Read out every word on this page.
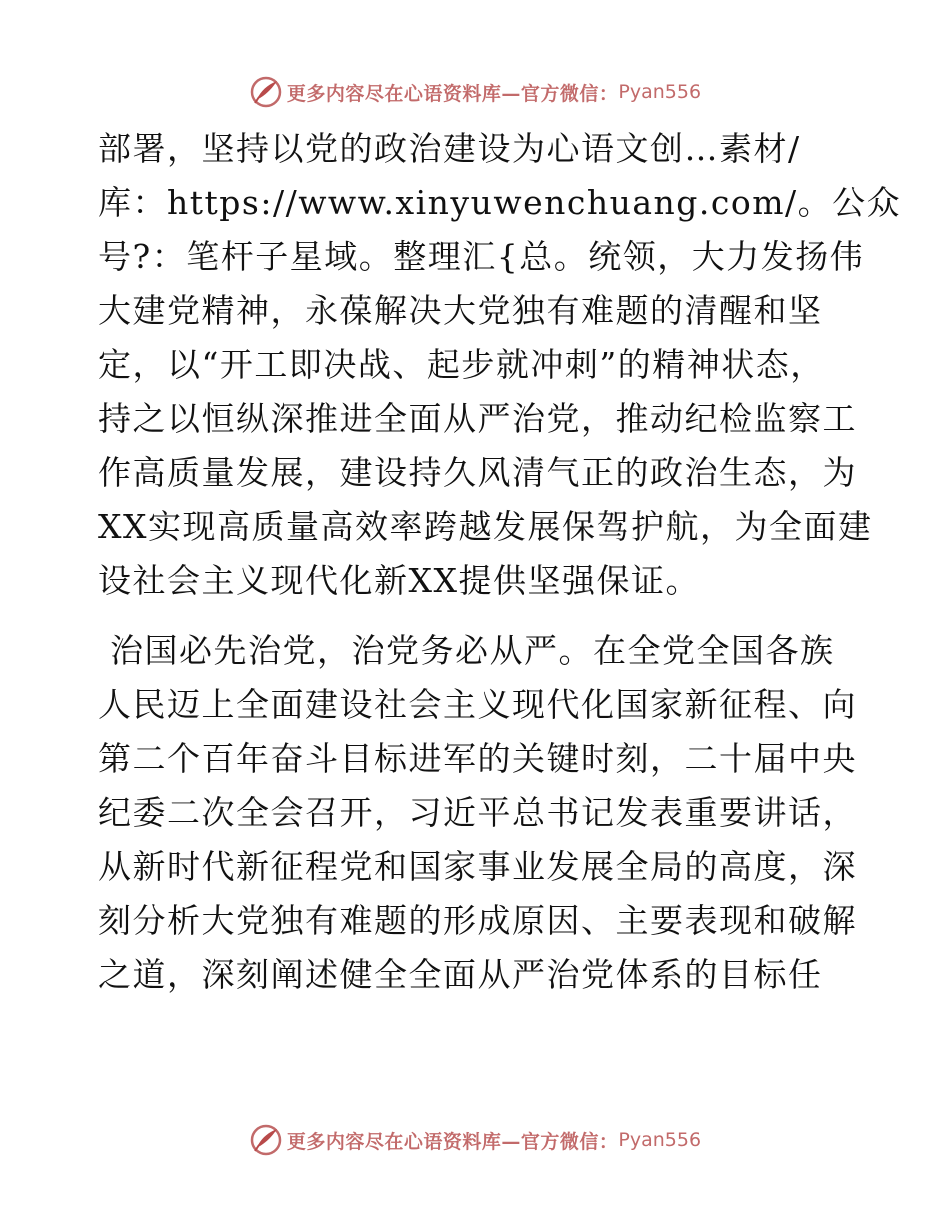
更多内容尽在心语资料库—官方微信： Pyan556
部署，坚持以党的政治建设为心语文创…素材/
库：https://www.xinyuwenchuang.com/。公众
号?：笔杆子星域。整理汇{总。统领，大力发扬伟
大建党精神，永葆解决大党独有难题的清醒和坚
定，以“开工即决战、起步就冲刺”的精神状态，
持之以恒纵深推进全面从严治党，推动纪检监察工
作高质量发展，建设持久风清气正的政治生态，为
XX实现高质量高效率跨越发展保驾护航，为全面建
设社会主义现代化新XX提供坚强保证。
治国必先治党，治党务必从严。在全党全国各族
人民迈上全面建设社会主义现代化国家新征程、向
第二个百年奋斗目标进军的关键时刻，二十届中央
纪委二次全会召开，习近平总书记发表重要讲话，
从新时代新征程党和国家事业发展全局的高度，深
刻分析大党独有难题的形成原因、主要表现和破解
之道，深刻阐述健全全面从严治党体系的目标任
更多内容尽在心语资料库—官方微信： Pyan556
